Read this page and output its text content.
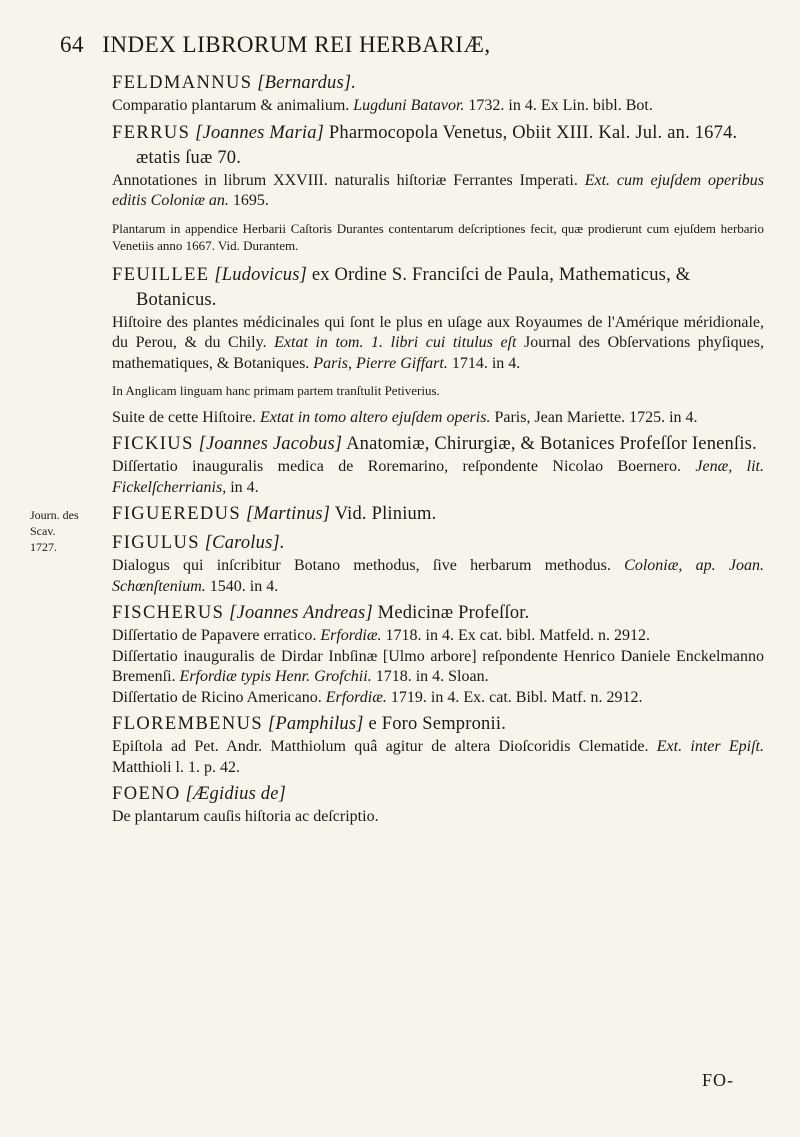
64 INDEX LIBRORUM REI HERBARIÆ,
Journ. des
Scav.
1727.

FELDMANNUS [Bernardus].

Comparatio plantarum & animalium. Lugduni Batavor. 1732. in 4. Ex Lin. bibl. Bot.

FERRUS [Joannes Maria] Pharmocopola Venetus, Obiit XIII. Kal. Jul. an. 1674. ætatis ſuæ 70.

Annotationes in librum XXVIII. naturalis hiſtoriæ Ferrantes Imperati. Ext. cum ejuſdem operibus editis Coloniæ an. 1695.

Plantarum in appendice Herbarii Caſtoris Durantes contentarum deſcriptiones fecit, quæ prodierunt cum ejuſdem herbario Venetiis anno 1667. Vid. Durantem.

FEUILLEE [Ludovicus] ex Ordine S. Franciſci de Paula, Mathematicus, & Botanicus.

Hiſtoire des plantes médicinales qui ſont le plus en uſage aux Royaumes de l'Amérique méridionale, du Perou, & du Chily. Extat in tom. 1. libri cui titulus eſt Journal des Obſervations phyſiques, mathematiques, & Botaniques. Paris, Pierre Giffart. 1714. in 4.

In Anglicam linguam hanc primam partem tranſtulit Petiverius.

Suite de cette Hiſtoire. Extat in tomo altero ejuſdem operis. Paris, Jean Mariette. 1725. in 4.

FICKIUS [Joannes Jacobus] Anatomiæ, Chirurgiæ, & Botanices Profeſſor Ienenſis.

Diſſertatio inauguralis medica de Roremarino, reſpondente Nicolao Boernero. Jenæ, lit. Fickelſcherrianis, in 4.

FIGUEREDUS [Martinus] Vid. Plinium.

FIGULUS [Carolus].

Dialogus qui inſcribitur Botano methodus, ſive herbarum methodus. Coloniæ, ap. Joan. Schœnſtenium. 1540. in 4.

FISCHERUS [Joannes Andreas] Medicinæ Profeſſor.

Diſſertatio de Papavere erratico. Erfordiæ. 1718. in 4. Ex cat. bibl. Matfeld. n. 2912.

Diſſertatio inauguralis de Dirdar Inbſinæ [Ulmo arbore] reſpondente Henrico Daniele Enckelmanno Bremenſi. Erfordiæ typis Henr. Grofchii. 1718. in 4. Sloan.

Diſſertatio de Ricino Americano. Erfordiæ. 1719. in 4. Ex. cat. Bibl. Matf. n. 2912.

FLOREMBENUS [Pamphilus] e Foro Sempronii.

Epiſtola ad Pet. Andr. Matthiolum quâ agitur de altera Dioſcoridis Clematide. Ext. inter Epiſt. Matthioli l. 1. p. 42.

FOENO [Ægidius de]

De plantarum cauſis hiſtoria ac deſcriptio.

FO-
